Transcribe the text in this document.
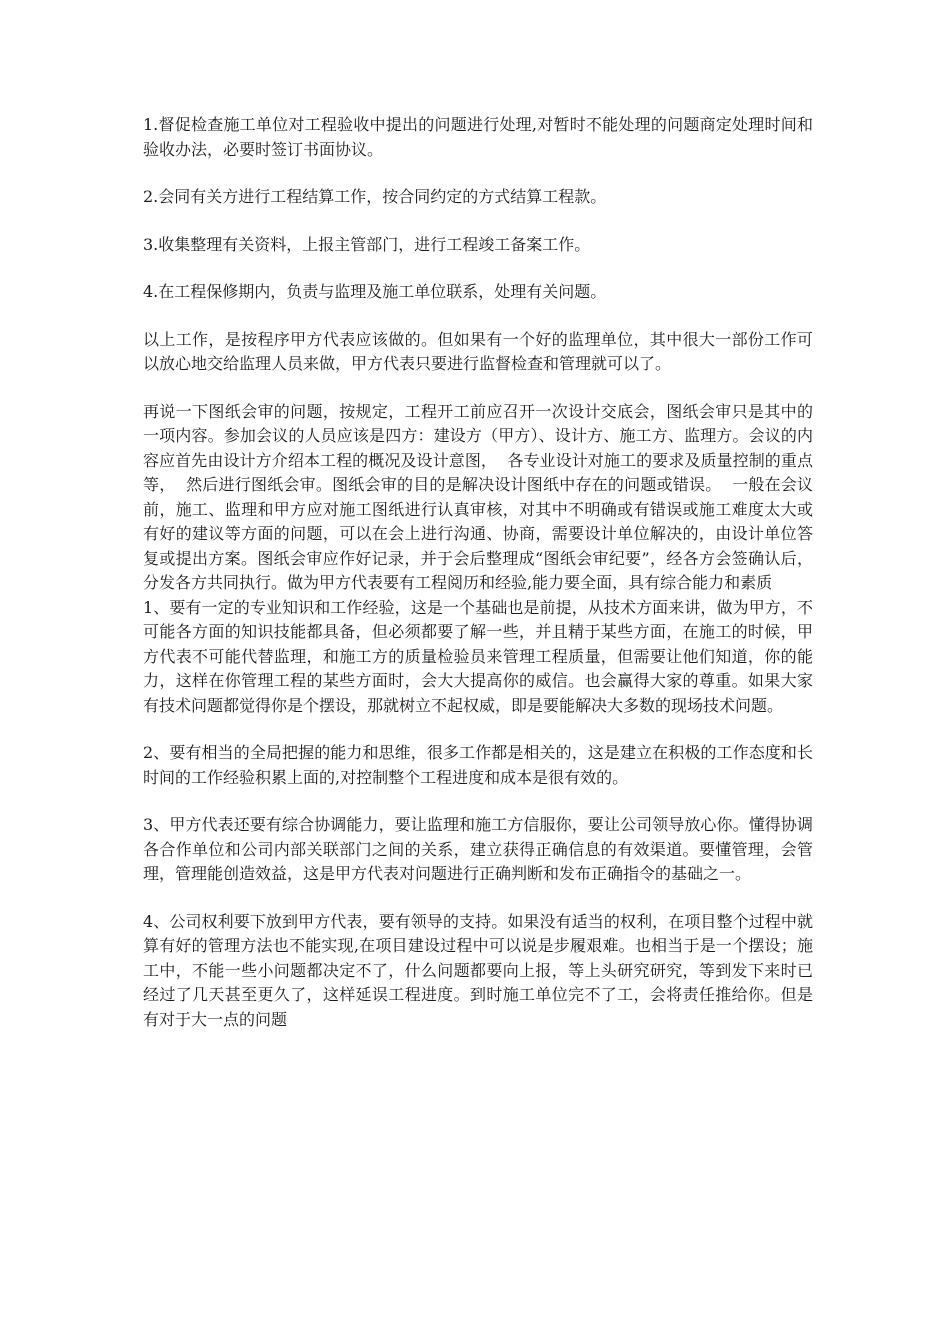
1.督促检查施工单位对工程验收中提出的问题进行处理,对暂时不能处理的问题商定处理时间和验收办法，必要时签订书面协议。

2.会同有关方进行工程结算工作，按合同约定的方式结算工程款。

3.收集整理有关资料，上报主管部门，进行工程竣工备案工作。

4.在工程保修期内，负责与监理及施工单位联系，处理有关问题。

以上工作，是按程序甲方代表应该做的。但如果有一个好的监理单位，其中很大一部份工作可以放心地交给监理人员来做，甲方代表只要进行监督检查和管理就可以了。

再说一下图纸会审的问题，按规定，工程开工前应召开一次设计交底会，图纸会审只是其中的一项内容。参加会议的人员应该是四方：建设方（甲方）、设计方、施工方、监理方。会议的内容应首先由设计方介绍本工程的概况及设计意图，  各专业设计对施工的要求及质量控制的重点等，  然后进行图纸会审。图纸会审的目的是解决设计图纸中存在的问题或错误。  一般在会议前，施工、监理和甲方应对施工图纸进行认真审核，对其中不明确或有错误或施工难度太大或有好的建议等方面的问题，可以在会上进行沟通、协商，需要设计单位解决的，由设计单位答复或提出方案。图纸会审应作好记录，并于会后整理成“图纸会审纪要”，经各方会签确认后，分发各方共同执行。做为甲方代表要有工程阅历和经验,能力要全面，具有综合能力和素质

1、要有一定的专业知识和工作经验，这是一个基础也是前提，从技术方面来讲，做为甲方，不可能各方面的知识技能都具备，但必须都要了解一些，并且精于某些方面，在施工的时候，甲方代表不可能代替监理，和施工方的质量检验员来管理工程质量，但需要让他们知道，你的能力，这样在你管理工程的某些方面时，会大大提高你的威信。也会赢得大家的尊重。如果大家有技术问题都觉得你是个摆设，那就树立不起权威，即是要能解决大多数的现场技术问题。

2、要有相当的全局把握的能力和思维，很多工作都是相关的，这是建立在积极的工作态度和长时间的工作经验积累上面的,对控制整个工程进度和成本是很有效的。

3、甲方代表还要有综合协调能力，要让监理和施工方信服你，要让公司领导放心你。懂得协调各合作单位和公司内部关联部门之间的关系，建立获得正确信息的有效渠道。要懂管理，会管理，管理能创造效益，这是甲方代表对问题进行正确判断和发布正确指令的基础之一。

4、公司权利要下放到甲方代表，要有领导的支持。如果没有适当的权利，在项目整个过程中就算有好的管理方法也不能实现,在项目建设过程中可以说是步履艰难。也相当于是一个摆设；施工中，不能一些小问题都决定不了，什么问题都要向上报，等上头研究研究，等到发下来时已经过了几天甚至更久了，这样延误工程进度。到时施工单位完不了工，会将责任推给你。但是有对于大一点的问题
